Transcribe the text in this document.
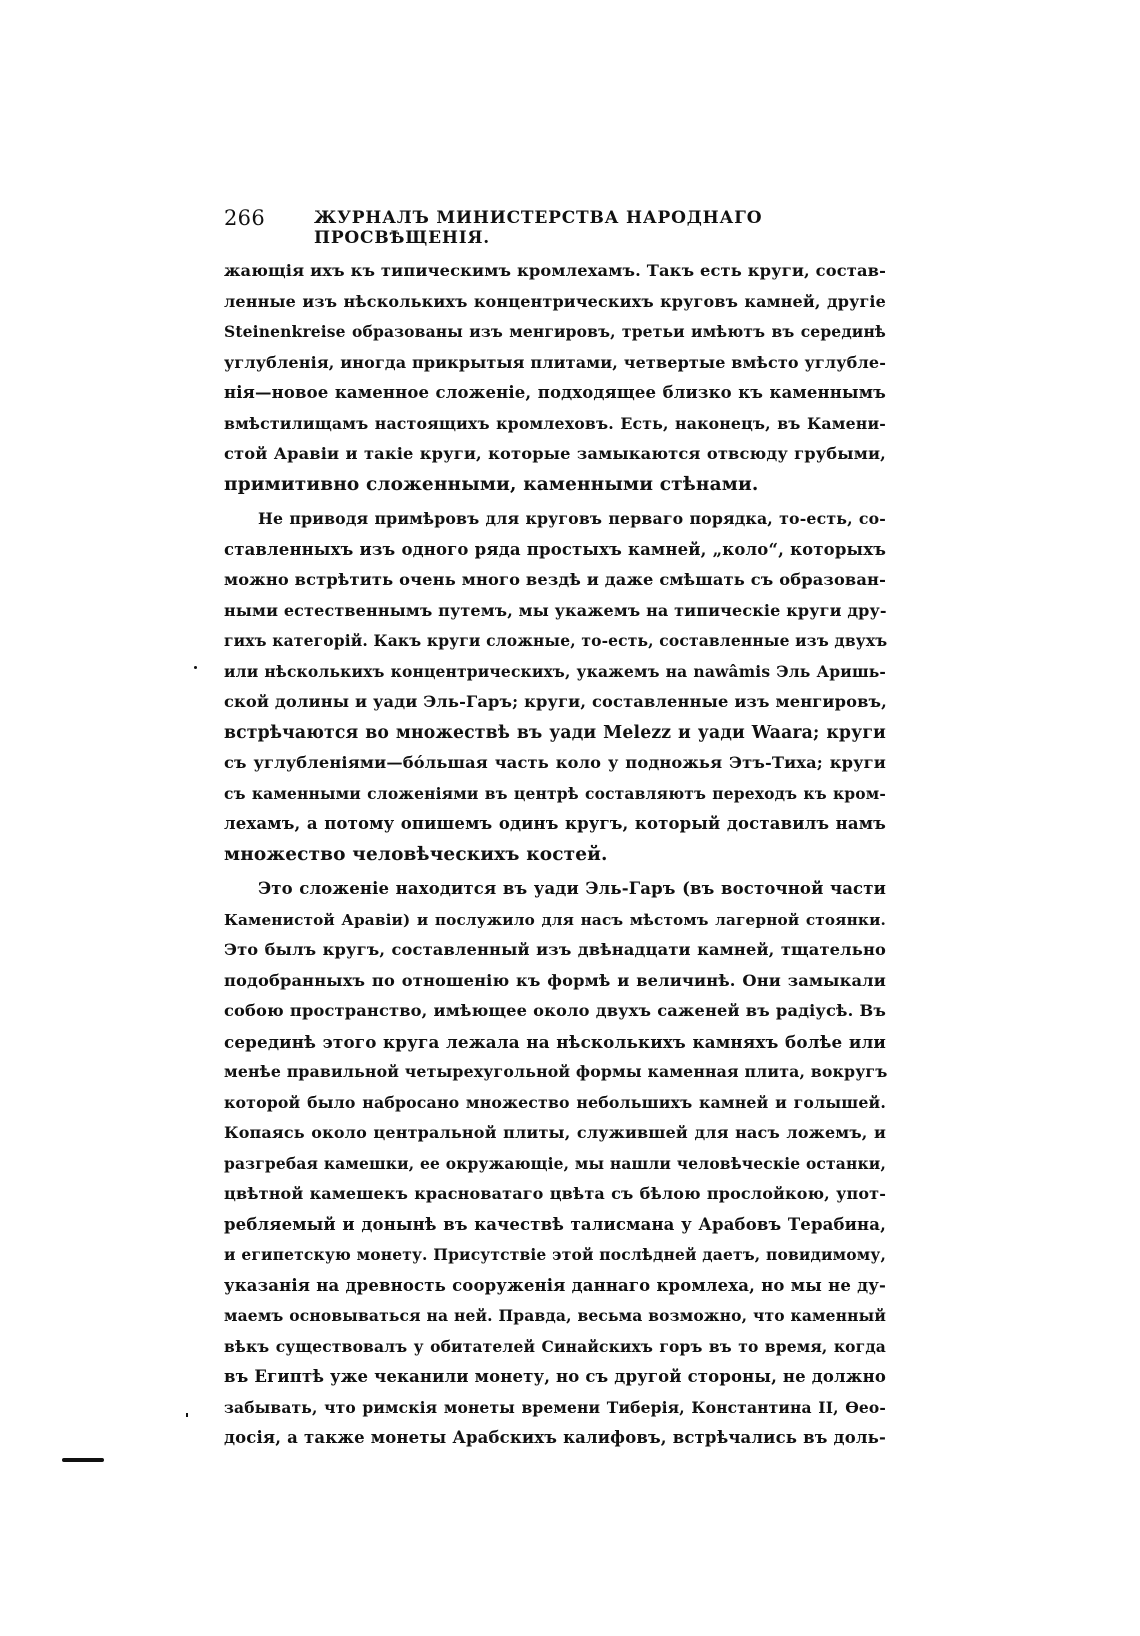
266	ЖУРНАЛЪ МИНИСТЕРСТВА НАРОДНАГО ПРОСВѢЩЕНІЯ.
жающія ихъ къ типическимъ кромлехамъ. Такъ есть круги, состав-
ленные изъ нѣсколькихъ концентрическихъ круговъ камней, другіе
Steinenkreise образованы изъ менгировъ, третьи имѣютъ въ серединѣ
углубленія, иногда прикрытыя плитами, четвертые вмѣсто углубле-
нія—новое каменное сложеніе, подходящее близко къ каменнымъ
вмѣстилищамъ настоящихъ кромлеховъ. Есть, наконецъ, въ Камени-
стой Аравіи и такіе круги, которые замыкаются отвсюду грубыми,
примитивно сложенными, каменными стѣнами.
Не приводя примѣровъ для круговъ перваго порядка, то-есть, со-
ставленныхъ изъ одного ряда простыхъ камней, „коло“, которыхъ
можно встрѣтить очень много вездѣ и даже смѣшать съ образован-
ными естественнымъ путемъ, мы укажемъ на типическіе круги дру-
гихъ категорій. Какъ круги сложные, то-есть, составленные изъ двухъ
или нѣсколькихъ концентрическихъ, укажемъ на nawâmis Эль Аришь-
ской долины и уади Эль-Гаръ; круги, составленные изъ менгировъ,
встрѣчаются во множествѣ въ уади Melezz и уади Waara; круги
съ углубленіями—бóльшая часть коло у подножья Этъ-Тиха; круги
съ каменными сложеніями въ центрѣ составляютъ переходъ къ кром-
лехамъ, а потому опишемъ одинъ кругъ, который доставилъ намъ
множество человѣческихъ костей.
Это сложеніе находится въ уади Эль-Гаръ (въ восточной части
Каменистой Аравіи) и послужило для насъ мѣстомъ лагерной стоянки.
Это былъ кругъ, составленный изъ двѣнадцати камней, тщательно
подобранныхъ по отношенію къ формѣ и величинѣ. Они замыкали
собою пространство, имѣющее около двухъ саженей въ радіусѣ. Въ
серединѣ этого круга лежала на нѣсколькихъ камняхъ болѣе или
менѣе правильной четырехугольной формы каменная плита, вокругъ
которой было набросано множество небольшихъ камней и голышей.
Копаясь около центральной плиты, служившей для насъ ложемъ, и
разгребая камешки, ее окружающіе, мы нашли человѣческіе останки,
цвѣтной камешекъ красноватаго цвѣта съ бѣлою прослойкою, упот-
ребляемый и донынѣ въ качествѣ талисмана у Арабовъ Терабина,
и египетскую монету. Присутствіе этой послѣдней даетъ, повидимому,
указанія на древность сооруженія даннаго кромлеха, но мы не ду-
маемъ основываться на ней. Правда, весьма возможно, что каменный
вѣкъ существовалъ у обитателей Синайскихъ горъ въ то время, когда
въ Египтѣ уже чеканили монету, но съ другой стороны, не должно
забывать, что римскія монеты времени Тиберія, Константина II, Ѳео-
досія, а также монеты Арабскихъ калифовъ, встрѣчались въ доль-
